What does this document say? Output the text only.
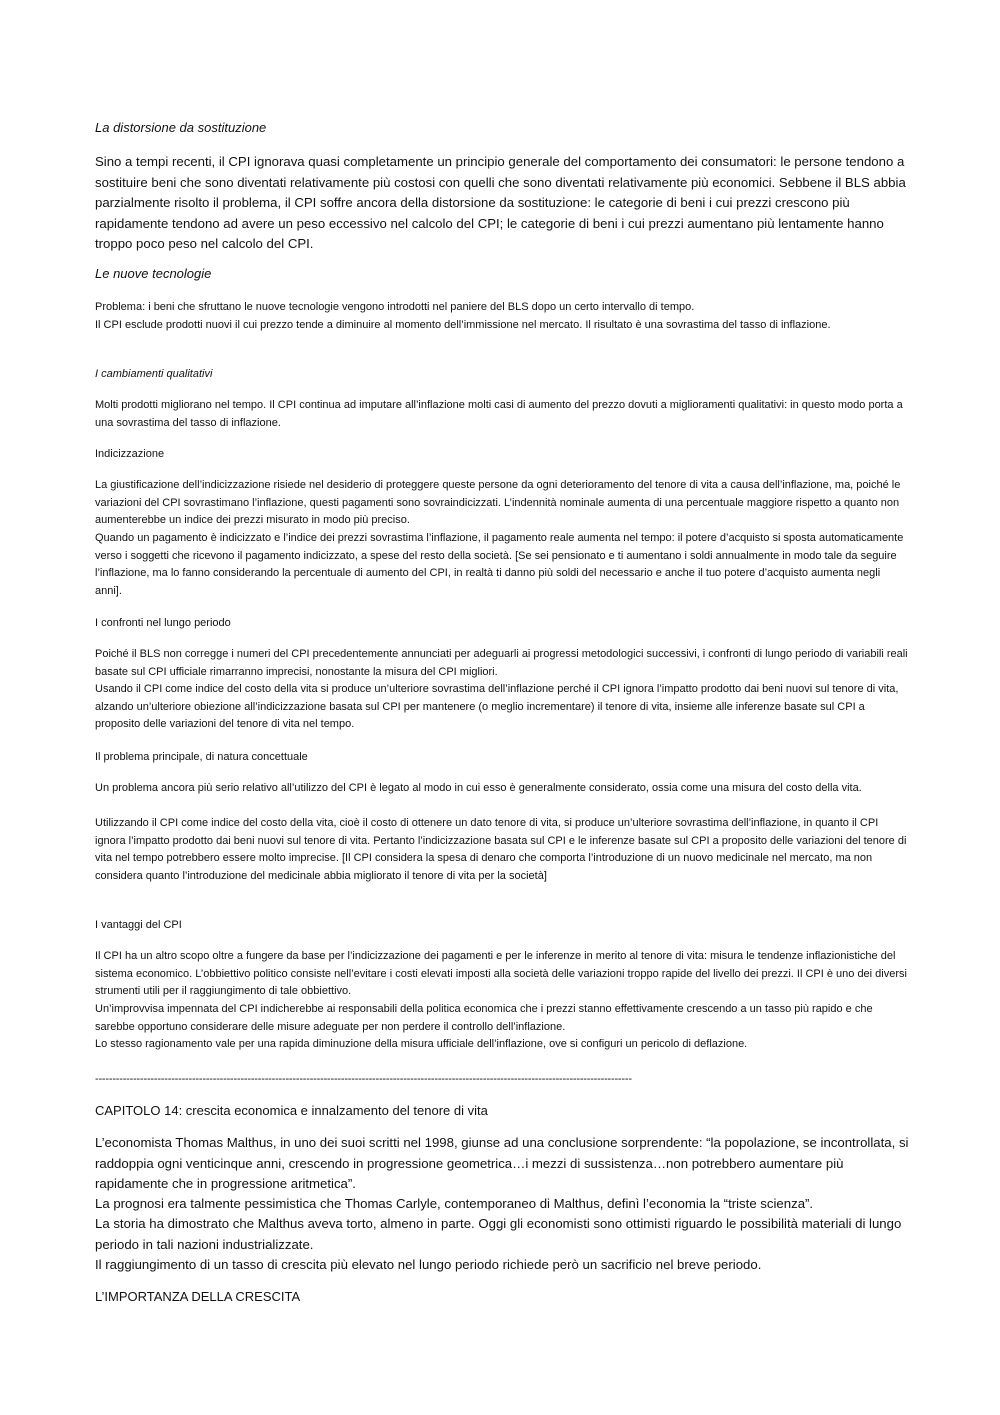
La distorsione da sostituzione

Sino a tempi recenti, il CPI ignorava quasi completamente un principio generale del comportamento dei consumatori: le persone tendono a sostituire beni che sono diventati relativamente più costosi con quelli che sono diventati relativamente più economici. Sebbene il BLS abbia parzialmente risolto il problema, il CPI soffre ancora della distorsione da sostituzione: le categorie di beni i cui prezzi crescono più rapidamente tendono ad avere un peso eccessivo nel calcolo del CPI; le categorie di beni i cui prezzi aumentano più lentamente hanno troppo poco peso nel calcolo del CPI.

Le nuove tecnologie

Problema: i beni che sfruttano le nuove tecnologie vengono introdotti nel paniere del BLS dopo un certo intervallo di tempo.

Il CPI esclude prodotti nuovi il cui prezzo tende a diminuire al momento dell’immissione nel mercato. Il risultato è una sovrastima del tasso di inflazione.

I cambiamenti qualitativi

Molti prodotti migliorano nel tempo. Il CPI continua ad imputare all’inflazione molti casi di aumento del prezzo dovuti a miglioramenti qualitativi: in questo modo porta a una sovrastima del tasso di inflazione.

Indicizzazione

La giustificazione dell’indicizzazione risiede nel desiderio di proteggere queste persone da ogni deterioramento del tenore di vita a causa dell’inflazione, ma, poiché le variazioni del CPI sovrastimano l’inflazione, questi pagamenti sono sovraindicizzati. L’indennità nominale aumenta di una percentuale maggiore rispetto a quanto non aumenterebbe un indice dei prezzi misurato in modo più preciso.

Quando un pagamento è indicizzato e l’indice dei prezzi sovrastima l’inflazione, il pagamento reale aumenta nel tempo: il potere d’acquisto si sposta automaticamente verso i soggetti che ricevono il pagamento indicizzato, a spese del resto della società. [Se sei pensionato e ti aumentano i soldi annualmente in modo tale da seguire l’inflazione, ma lo fanno considerando la percentuale di aumento del CPI, in realtà ti danno più soldi del necessario e anche il tuo potere d’acquisto aumenta negli anni].

I confronti nel lungo periodo

Poiché il BLS non corregge i numeri del CPI precedentemente annunciati per adeguarli ai progressi metodologici successivi, i confronti di lungo periodo di variabili reali basate sul CPI ufficiale rimarranno imprecisi, nonostante la misura del CPI migliori.

Usando il CPI come indice del costo della vita si produce un’ulteriore sovrastima dell’inflazione perché il CPI ignora l’impatto prodotto dai beni nuovi sul tenore di vita, alzando un’ulteriore obiezione all’indicizzazione basata sul CPI per mantenere (o meglio incrementare) il tenore di vita, insieme alle inferenze basate sul CPI a proposito delle variazioni del tenore di vita nel tempo.

Il problema principale, di natura concettuale

Un problema ancora più serio relativo all’utilizzo del CPI è legato al modo in cui esso è generalmente considerato, ossia come una misura del costo della vita.

Utilizzando il CPI come indice del costo della vita, cioè il costo di ottenere un dato tenore di vita, si produce un’ulteriore sovrastima dell’inflazione, in quanto il CPI ignora l’impatto prodotto dai beni nuovi sul tenore di vita. Pertanto l’indicizzazione basata sul CPI e le inferenze basate sul CPI a proposito delle variazioni del tenore di vita nel tempo potrebbero essere molto imprecise. [Il CPI considera la spesa di denaro che comporta l’introduzione di un nuovo medicinale nel mercato, ma non considera quanto l’introduzione del medicinale abbia migliorato il tenore di vita per la società]

I vantaggi del CPI

Il CPI ha un altro scopo oltre a fungere da base per l’indicizzazione dei pagamenti e per le inferenze in merito al tenore di vita: misura le tendenze inflazionistiche del sistema economico. L’obbiettivo politico consiste nell’evitare i costi elevati imposti alla società delle variazioni troppo rapide del livello dei prezzi. Il CPI è uno dei diversi strumenti utili per il raggiungimento di tale obbiettivo.

Un’improvvisa impennata del CPI indicherebbe ai responsabili della politica economica che i prezzi stanno effettivamente crescendo a un tasso più rapido e che sarebbe opportuno considerare delle misure adeguate per non perdere il controllo dell’inflazione.

Lo stesso ragionamento vale per una rapida diminuzione della misura ufficiale dell’inflazione, ove si configuri un pericolo di deflazione.

-----------------------------------------------------------------------------------------------------------------------------------------------------------

CAPITOLO 14: crescita economica e innalzamento del tenore di vita

L’economista Thomas Malthus, in uno dei suoi scritti nel 1998, giunse ad una conclusione sorprendente: “la popolazione, se incontrollata, si raddoppia ogni venticinque anni, crescendo in progressione geometrica…i mezzi di sussistenza…non potrebbero aumentare più rapidamente che in progressione aritmetica”.

La prognosi era talmente pessimistica che Thomas Carlyle, contemporaneo di Malthus, definì l’economia la “triste scienza”.

La storia ha dimostrato che Malthus aveva torto, almeno in parte. Oggi gli economisti sono ottimisti riguardo le possibilità materiali di lungo periodo in tali nazioni industrializzate.

Il raggiungimento di un tasso di crescita più elevato nel lungo periodo richiede però un sacrificio nel breve periodo.

L’IMPORTANZA DELLA CRESCITA
